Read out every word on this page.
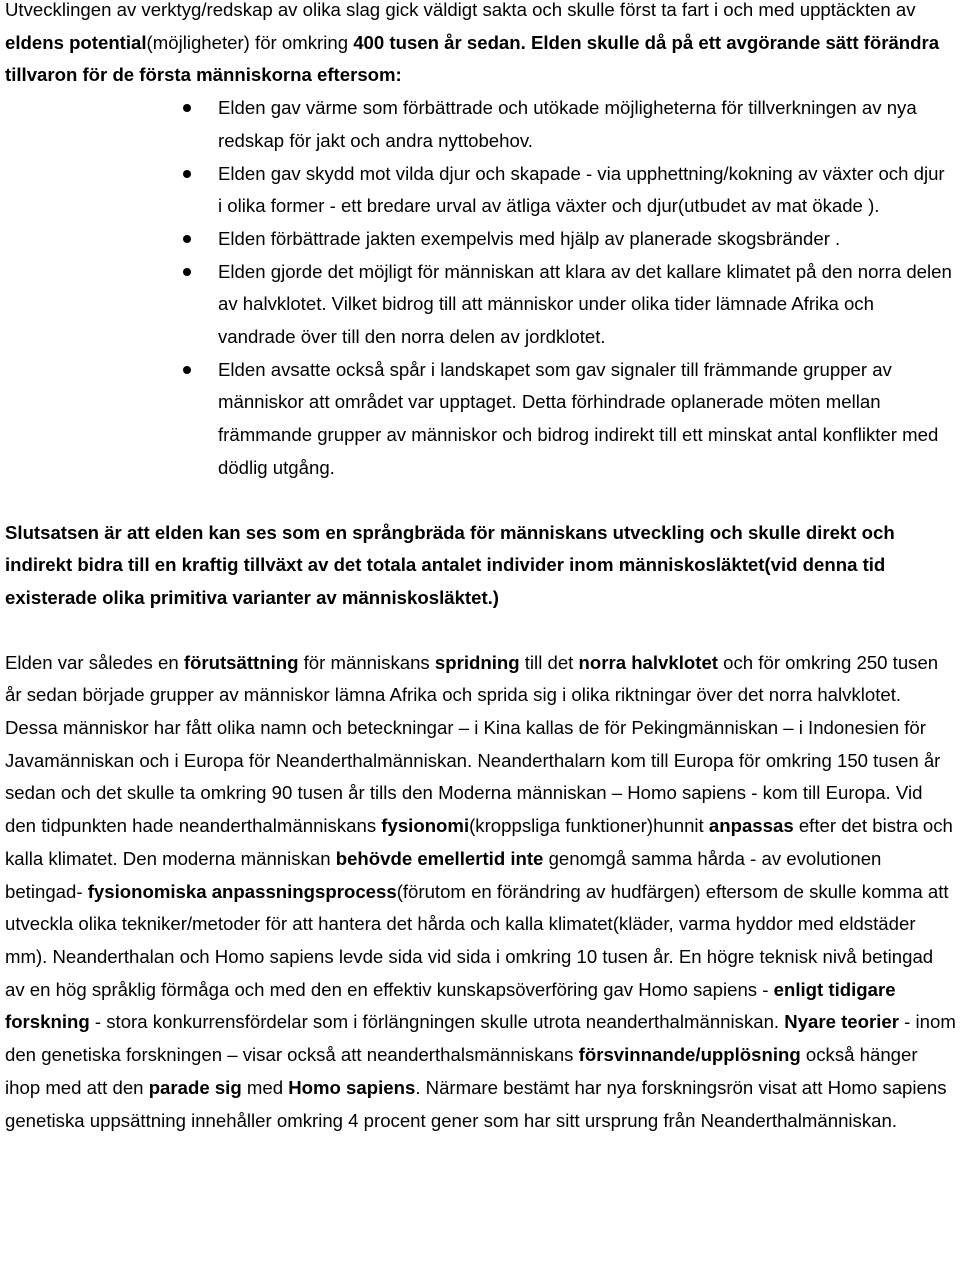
Utvecklingen av verktyg/redskap av olika slag gick väldigt sakta och skulle först ta fart i och med upptäckten av eldens potential(möjligheter) för omkring 400 tusen år sedan. Elden skulle då på ett avgörande sätt förändra tillvaron för de första människorna eftersom:

Elden gav värme som förbättrade och utökade möjligheterna för tillverkningen av nya redskap för jakt och andra nyttobehov.
Elden gav skydd mot vilda djur och skapade - via upphettning/kokning av växter och djur i olika former - ett bredare urval av ätliga växter och djur(utbudet av mat ökade ).
Elden förbättrade jakten exempelvis med hjälp av planerade skogsbränder .
Elden gjorde det möjligt för människan att klara av det kallare klimatet på den norra delen av halvklotet. Vilket bidrog till att människor under olika tider lämnade Afrika och vandrade över till den norra delen av jordklotet.
Elden avsatte också spår i landskapet som gav signaler till främmande grupper av människor att området var upptaget. Detta förhindrade oplanerade möten mellan främmande grupper av människor och bidrog indirekt till ett minskat antal konflikter med dödlig utgång.

Slutsatsen är att elden kan ses som en språngbräda för människans utveckling och skulle direkt och indirekt bidra till en kraftig tillväxt av det totala antalet individer inom människosläktet(vid denna tid existerade olika primitiva varianter av människosläktet.)

Elden var således en förutsättning för människans spridning till det norra halvklotet och för omkring 250 tusen år sedan började grupper av människor lämna Afrika och sprida sig i olika riktningar över det norra halvklotet. Dessa människor har fått olika namn och beteckningar – i Kina kallas de för Pekingmänniskan – i Indonesien för Javamänniskan och i Europa för Neanderthalmänniskan. Neanderthalarn kom till Europa för omkring 150 tusen år sedan och det skulle ta omkring 90 tusen år tills den Moderna människan – Homo sapiens - kom till Europa. Vid den tidpunkten hade neanderthalmänniskans fysionomi(kroppsliga funktioner)hunnit anpassas efter det bistra och kalla klimatet. Den moderna människan behövde emellertid inte genomgå samma hårda - av evolutionen betingad- fysionomiska anpassningsprocess(förutom en förändring av hudfärgen) eftersom de skulle komma att utveckla olika tekniker/metoder för att hantera det hårda och kalla klimatet(kläder, varma hyddor med eldstäder mm). Neanderthalan och Homo sapiens levde sida vid sida i omkring 10 tusen år. En högre teknisk nivå betingad av en hög språklig förmåga och med den en effektiv kunskapsöverföring gav Homo sapiens - enligt tidigare forskning - stora konkurrensfördelar som i förlängningen skulle utrota neanderthalmänniskan. Nyare teorier - inom den genetiska forskningen – visar också att neanderthalsmänniskans försvinnande/upplösning också hänger ihop med att den parade sig med Homo sapiens. Närmare bestämt har nya forskningsrön visat att Homo sapiens genetiska uppsättning innehåller omkring 4 procent gener som har sitt ursprung från Neanderthalmänniskan.
